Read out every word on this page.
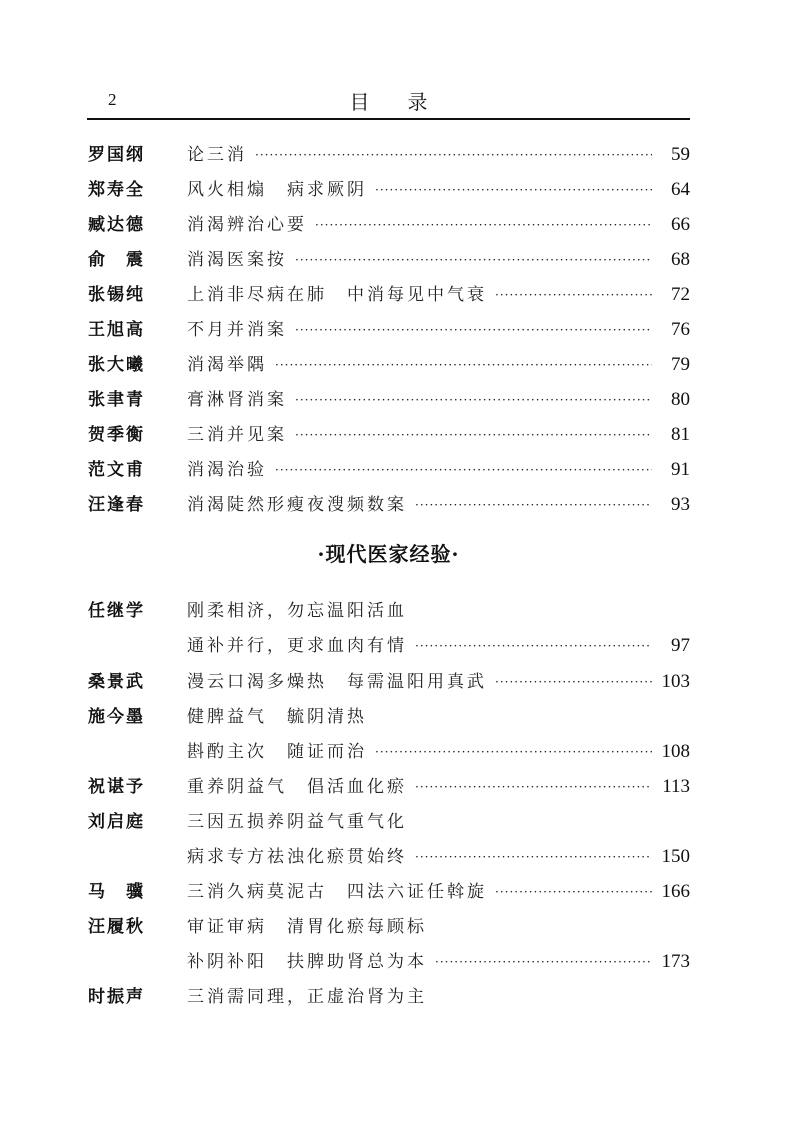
2	目录
罗国纲	论三消 ·····	59
郑寿全	风火相煽　病求厥阴 ·····	64
臧达德	消渴辨治心要 ·····	66
俞　震	消渴医案按 ·····	68
张锡纯	上消非尽病在肺　中消每见中气衰 ·····	72
王旭高	不月并消案 ·····	76
张大曦	消渴举隅 ·····	79
张聿青	膏淋肾消案 ·····	80
贺季衡	三消并见案 ·····	81
范文甫	消渴治验 ·····	91
汪逢春	消渴陡然形瘦夜溲频数案 ·····	93
·现代医家经验·
任继学	刚柔相济，勿忘温阳活血
通补并行，更求血肉有情 ·····	97
桑景武	漫云口渴多燥热　每需温阳用真武 ·····	103
施今墨	健脾益气　毓阴清热
斟酌主次　随证而治 ·····	108
祝谌予	重养阴益气　倡活血化瘀 ·····	113
刘启庭	三因五损养阴益气重气化
病求专方祛浊化瘀贯始终 ·····	150
马　骥	三消久病莫泥古　四法六证任斡旋 ·····	166
汪履秋	审证审病　清胃化瘀每顾标
补阴补阳　扶脾助肾总为本 ·····	173
时振声	三消需同理，正虚治肾为主
